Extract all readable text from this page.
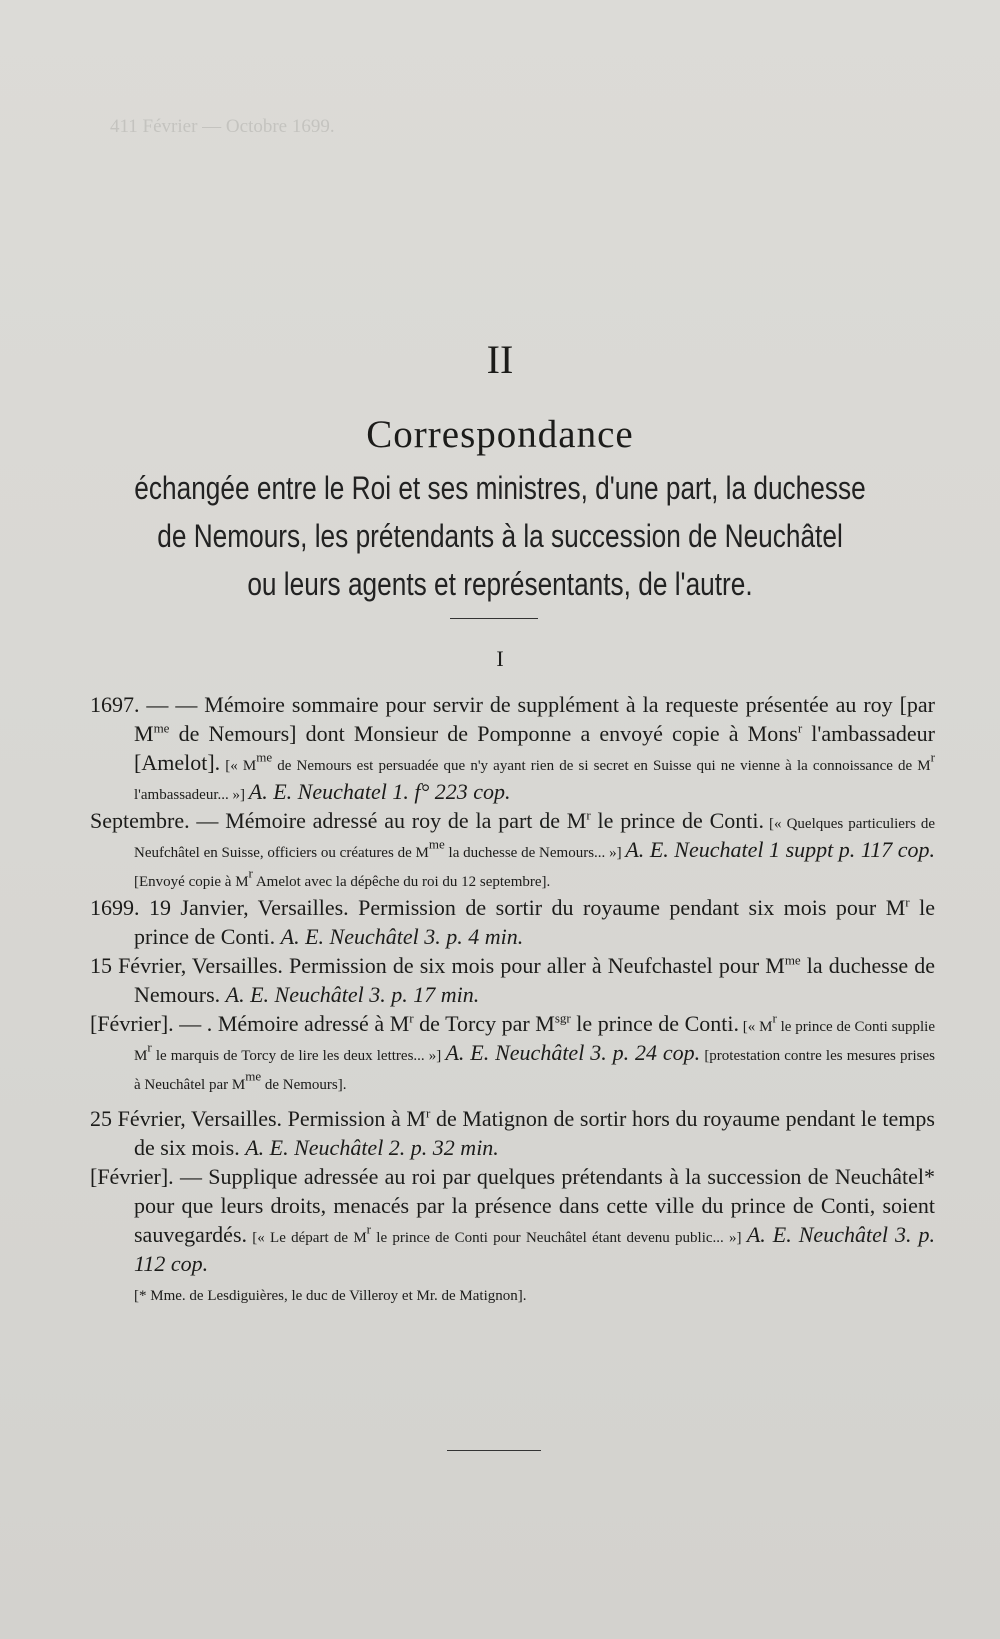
411 Février — Octobre 1699.
II
Correspondance
échangée entre le Roi et ses ministres, d'une part, la duchesse
de Nemours, les prétendants à la succession de Neuchâtel
ou leurs agents et représentants, de l'autre.
I

1697. — — Mémoire sommaire pour servir de supplément à la requeste présentée au roy [par $M^{me}$ de Nemours] dont Monsieur de Pomponne a envoyé copie à Mons$^r$ l'ambassadeur [Amelot]. [« $M^{me}$ de Nemours est persuadée que n'y ayant rien de si secret en Suisse qui ne vienne à la connoissance de $M^r$ l'ambassadeur... »] A. E. Neuchatel 1. f° 223 cop.

Septembre. — Mémoire adressé au roy de la part de $M^r$ le prince de Conti. [« Quelques particuliers de Neufchâtel en Suisse, officiers ou créatures de $M^{me}$ la duchesse de Nemours... »] A. E. Neuchatel 1 suppt p. 117 cop. [Envoyé copie à $M^r$ Amelot avec la dépêche du roi du 12 septembre].

1699. 19 Janvier, Versailles. Permission de sortir du royaume pendant six mois pour $M^r$ le prince de Conti. A. E. Neuchâtel 3. p. 4 min.

15 Février, Versailles. Permission de six mois pour aller à Neufchastel pour $M^{me}$ la duchesse de Nemours. A. E. Neuchâtel 3. p. 17 min.

[Février]. — . Mémoire adressé à $M^r$ de Torcy par $M^{sgr}$ le prince de Conti. [« $M^r$ le prince de Conti supplie $M^r$ le marquis de Torcy de lire les deux lettres... »] A. E. Neuchâtel 3. p. 24 cop. [protestation contre les mesures prises à Neuchâtel par $M^{me}$ de Nemours].

25 Février, Versailles. Permission à $M^r$ de Matignon de sortir hors du royaume pendant le temps de six mois. A. E. Neuchâtel 2. p. 32 min.

[Février]. — Supplique adressée au roi par quelques prétendants à la succession de Neuchâtel* pour que leurs droits, menacés par la présence dans cette ville du prince de Conti, soient sauvegardés. [« Le départ de $M^r$ le prince de Conti pour Neuchâtel étant devenu public... »] A. E. Neuchâtel 3. p. 112 cop.
[* Mme. de Lesdiguières, le duc de Villeroy et Mr. de Matignon].
